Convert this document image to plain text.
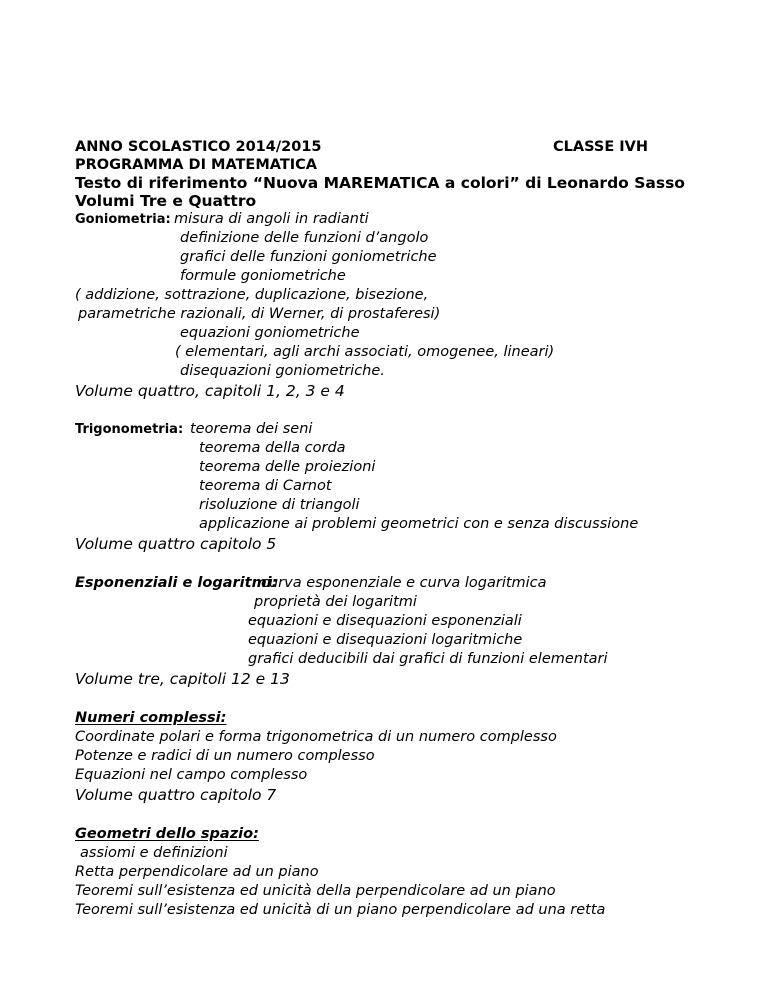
ANNO SCOLASTICO 2014/2015	CLASSE IVH
PROGRAMMA DI MATEMATICA
Testo di riferimento “Nuova MAREMATICA a colori” di Leonardo Sasso
Volumi Tre e Quattro
Goniometria: misura di angoli in radianti
definizione delle funzioni d’angolo
grafici delle funzioni goniometriche
formule goniometriche
( addizione, sottrazione, duplicazione, bisezione,
parametriche razionali, di Werner, di prostaferesi)
equazioni goniometriche
( elementari, agli archi associati, omogenee, lineari)
disequazioni goniometriche.
Volume quattro, capitoli 1, 2, 3 e 4
Trigonometria: teorema dei seni
teorema della corda
teorema delle proiezioni
teorema di Carnot
risoluzione di triangoli
applicazione ai problemi geometrici con e senza discussione
Volume quattro capitolo 5
Esponenziali e logaritmi:
curva esponenziale e curva logaritmica
proprietà dei logaritmi
equazioni e disequazioni esponenziali
equazioni e disequazioni logaritmiche
grafici deducibili dai grafici di funzioni elementari
Volume tre, capitoli 12 e 13
Numeri complessi:
Coordinate polari e forma trigonometrica di un numero complesso
Potenze e radici di un numero complesso
Equazioni nel campo complesso
Volume quattro capitolo 7
Geometri dello spazio:
assiomi e definizioni
Retta perpendicolare ad un piano
Teoremi sull’esistenza ed unicità della perpendicolare ad un piano
Teoremi sull’esistenza ed unicità di un piano perpendicolare ad una retta
